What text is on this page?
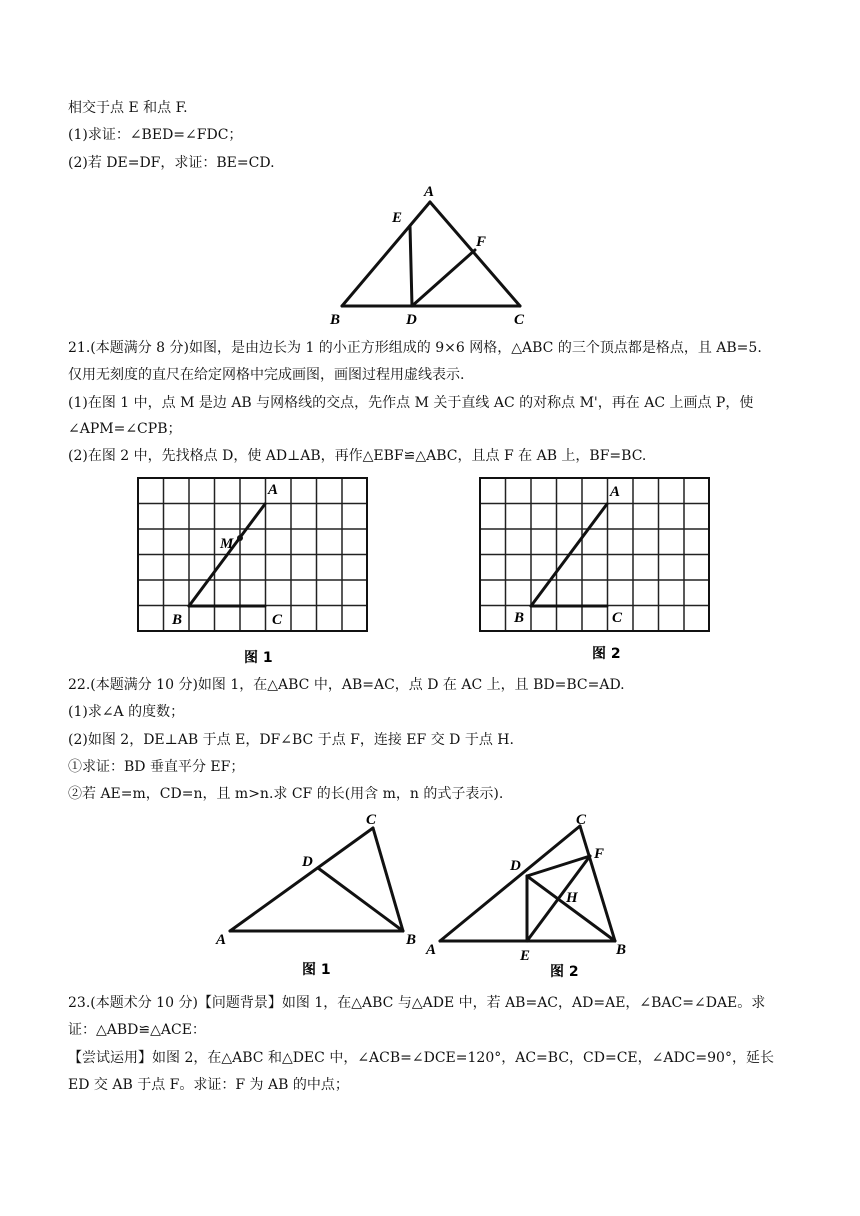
相交于点 E 和点 F.
(1)求证：∠BED=∠FDC；
(2)若 DE=DF，求证：BE=CD.
A
E
F
B	D	C
21.(本题满分 8 分)如图，是由边长为 1 的小正方形组成的 9×6 网格，△ABC 的三个顶点都是格点，且 AB=5.
仅用无刻度的直尺在给定网格中完成画图，画图过程用虚线表示.
(1)在图 1 中，点 M 是边 AB 与网格线的交点，先作点 M 关于直线 AC 的对称点 M'，再在 AC 上画点 P，使
∠APM=∠CPB；
(2)在图 2 中，先找格点 D，使 AD⊥AB，再作△EBF≌△ABC，且点 F 在 AB 上，BF=BC.
A
M
B	C
图 1
A
B	C
图 2
22.(本题满分 10 分)如图 1，在△ABC 中，AB=AC，点 D 在 AC 上，且 BD=BC=AD.
(1)求∠A 的度数；
(2)如图 2，DE⊥AB 于点 E，DF∠BC 于点 F，连接 EF 交 D 于点 H.
①求证：BD 垂直平分 EF；
②若 AE=m，CD=n，且 m>n.求 CF 的长(用含 m，n 的式子表示).
C
D
A	B
图 1
C
F
D
H
A	E	B
图 2
23.(本题术分 10 分)【问题背景】如图 1，在△ABC 与△ADE 中，若 AB=AC，AD=AE，∠BAC=∠DAE。求
证：△ABD≌△ACE：
【尝试运用】如图 2，在△ABC 和△DEC 中，∠ACB=∠DCE=120°，AC=BC，CD=CE，∠ADC=90°，延长
ED 交 AB 于点 F。求证：F 为 AB 的中点；
